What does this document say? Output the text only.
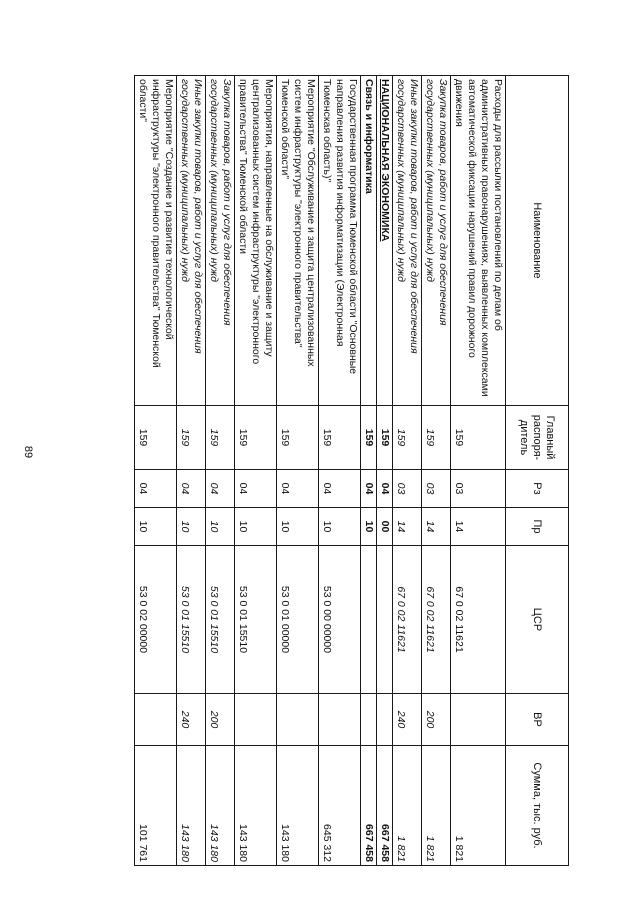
89
Наименование	Главный распоря-дитель	Рз	Пр	ЦСР	ВР	Сумма, тыс. руб.
Расходы для рассылки постановлений по делам об административных правонарушениях, выявленных комплексами автоматической фиксации нарушений правил дорожного движения	159	03	14	67 0 02 11621		1 821
Закупка товаров, работ и услуг для обеспечения государственных (муниципальных) нужд	159	03	14	67 0 02 11621	200	1 821
Иные закупки товаров, работ и услуг для обеспечения государственных (муниципальных) нужд	159	03	14	67 0 02 11621	240	1 821
НАЦИОНАЛЬНАЯ ЭКОНОМИКА	159	04	00			667 458
Связь и информатика	159	04	10			667 458
Государственная программа Тюменской области "Основные направления развития информатизации (Электронная Тюменская область)"	159	04	10	53 0 00 00000		645 312
Мероприятие "Обслуживание и защита централизованных систем инфраструктуры "электронного правительства" Тюменской области"	159	04	10	53 0 01 00000		143 180
Мероприятия, направленные на обслуживание и защиту централизованных систем инфраструктуры "электронного правительства" Тюменской области	159	04	10	53 0 01 15510		143 180
Закупка товаров, работ и услуг для обеспечения государственных (муниципальных) нужд	159	04	10	53 0 01 15510	200	143 180
Иные закупки товаров, работ и услуг для обеспечения государственных (муниципальных) нужд	159	04	10	53 0 01 15510	240	143 180
Мероприятие "Создание и развитие технологической инфраструктуры "электронного правительства" Тюменской области"	159	04	10	53 0 02 00000		101 761
